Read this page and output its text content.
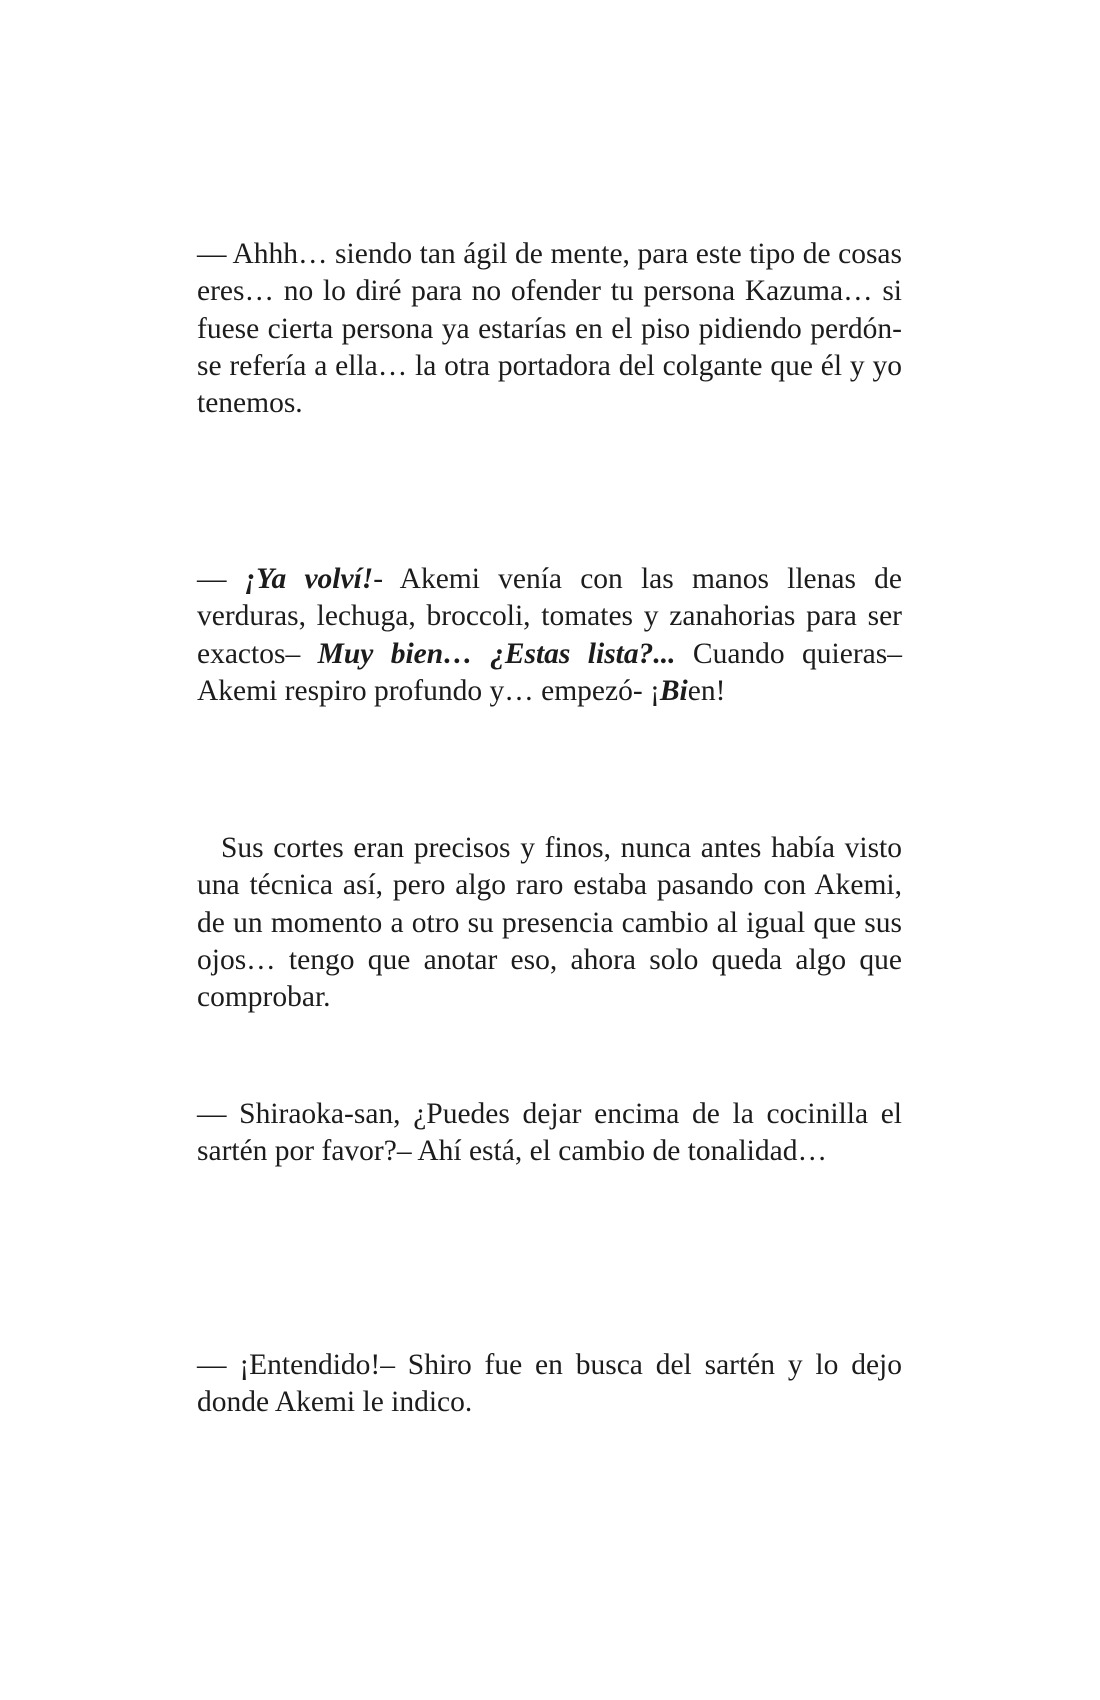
— Ahhh… siendo tan ágil de mente, para este tipo de cosas eres… no lo diré para no ofender tu persona Kazuma… si fuese cierta persona ya estarías en el piso pidiendo perdón- se refería a ella… la otra portadora del colgante que él y yo tenemos.

— ¡Ya volví!- Akemi venía con las manos llenas de verduras, lechuga, broccoli, tomates y zanahorias para ser exactos– Muy bien… ¿Estas lista?... Cuando quieras– Akemi respiro profundo y… empezó- ¡Bien!

Sus cortes eran precisos y finos, nunca antes había visto una técnica así, pero algo raro estaba pasando con Akemi, de un momento a otro su presencia cambio al igual que sus ojos… tengo que anotar eso, ahora solo queda algo que comprobar.

— Shiraoka-san, ¿Puedes dejar encima de la cocinilla el sartén por favor?– Ahí está, el cambio de tonalidad…

— ¡Entendido!– Shiro fue en busca del sartén y lo dejo donde Akemi le indico.
